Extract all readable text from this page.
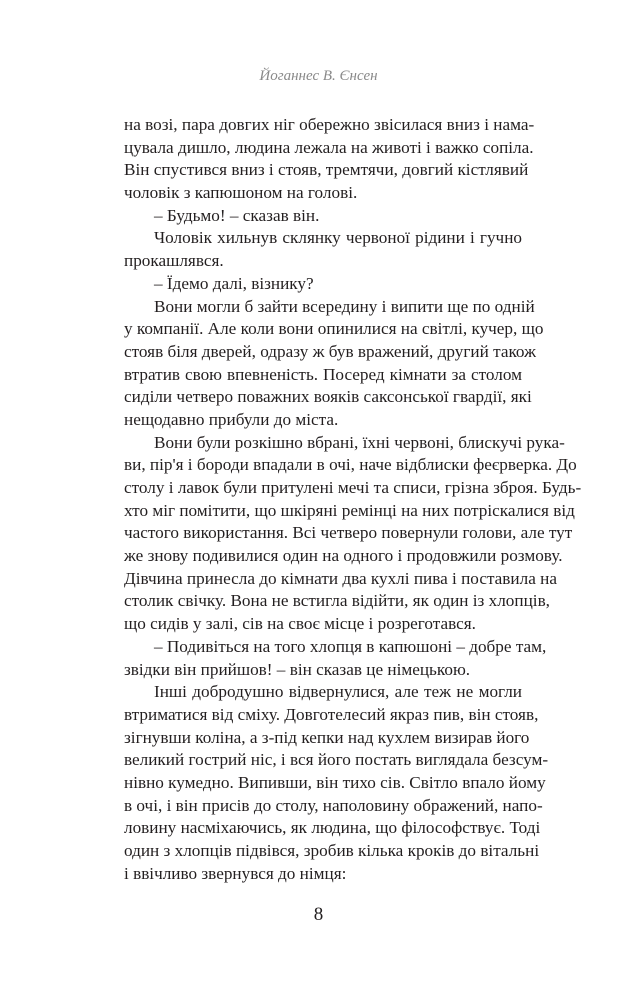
Йоганнес В. Єнсен
на возі, пара довгих ніг обережно звісилася вниз і нама-
цувала дишло, людина лежала на животі і важко сопіла.
Він спустився вниз і стояв, тремтячи, довгий кістлявий
чоловік з капюшоном на голові.
– Будьмо! – сказав він.
Чоловік хильнув склянку червоної рідини і гучно
прокашлявся.
– Їдемо далі, візнику?
Вони могли б зайти всередину і випити ще по одній
у компанії. Але коли вони опинилися на світлі, кучер, що
стояв біля дверей, одразу ж був вражений, другий також
втратив свою впевненість. Посеред кімнати за столом
сиділи четверо поважних вояків саксонської гвардії, які
нещодавно прибули до міста.
Вони були розкішно вбрані, їхні червоні, блискучі рука-
ви, пір'я і бороди впадали в очі, наче відблиски феєрверка. До
столу і лавок були притулені мечі та списи, грізна зброя. Будь-
хто міг помітити, що шкіряні ремінці на них потріскалися від
частого використання. Всі четверо повернули голови, але тут
же знову подивилися один на одного і продовжили розмову.
Дівчина принесла до кімнати два кухлі пива і поставила на
столик свічку. Вона не встигла відійти, як один із хлопців,
що сидів у залі, сів на своє місце і розреготався.
– Подивіться на того хлопця в капюшоні – добре там,
звідки він прийшов! – він сказав це німецькою.
Інші добродушно відвернулися, але теж не могли
втриматися від сміху. Довготелесий якраз пив, він стояв,
зігнувши коліна, а з-під кепки над кухлем визирав його
великий гострий ніс, і вся його постать виглядала безсум-
нівно кумедно. Випивши, він тихо сів. Світло впало йому
в очі, і він присів до столу, наполовину ображений, напо-
ловину насміхаючись, як людина, що філософствує. Тоді
один з хлопців підвівся, зробив кілька кроків до вітальні
і ввічливо звернувся до німця:
8
